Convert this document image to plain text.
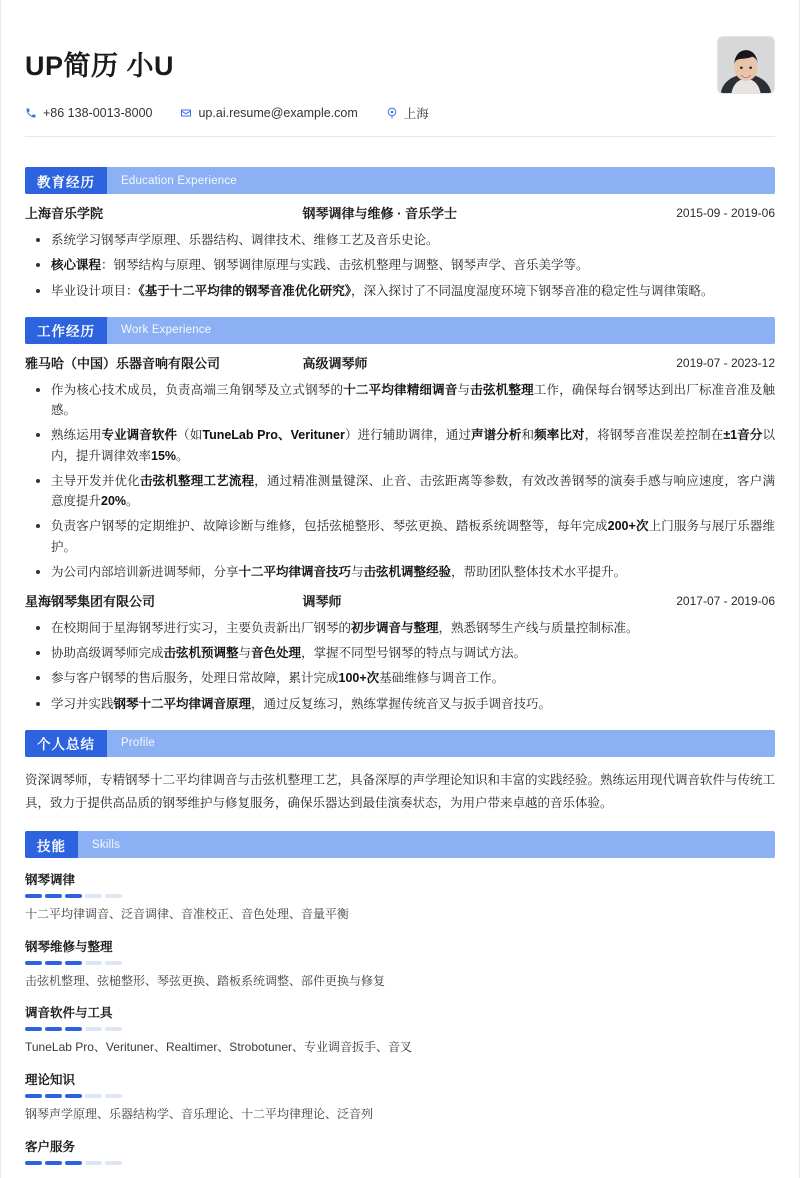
UP简历 小U
+86 138-0013-8000	up.ai.resume@example.com	上海
教育经历	Education Experience
上海音乐学院	钢琴调律与维修 · 音乐学士	2015-09 - 2019-06
系统学习钢琴声学原理、乐器结构、调律技术、维修工艺及音乐史论。
核心课程：钢琴结构与原理、钢琴调律原理与实践、击弦机整理与调整、钢琴声学、音乐美学等。
毕业设计项目：《基于十二平均律的钢琴音准优化研究》，深入探讨了不同温度湿度环境下钢琴音准的稳定性与调律策略。
工作经历	Work Experience
雅马哈（中国）乐器音响有限公司	高级调琴师	2019-07 - 2023-12
作为核心技术成员，负责高端三角钢琴及立式钢琴的十二平均律精细调音与击弦机整理工作，确保每台钢琴达到出厂标准音准及触感。
熟练运用专业调音软件（如TuneLab Pro、Verituner）进行辅助调律，通过声谱分析和频率比对，将钢琴音准误差控制在±1音分以内，提升调律效率15%。
主导开发并优化击弦机整理工艺流程，通过精准测量键深、止音、击弦距离等参数，有效改善钢琴的演奏手感与响应速度，客户满意度提升20%。
负责客户钢琴的定期维护、故障诊断与维修，包括弦槌整形、琴弦更换、踏板系统调整等，每年完成200+次上门服务与展厅乐器维护。
为公司内部培训新进调琴师，分享十二平均律调音技巧与击弦机调整经验，帮助团队整体技术水平提升。
星海钢琴集团有限公司	调琴师	2017-07 - 2019-06
在校期间于星海钢琴进行实习，主要负责新出厂钢琴的初步调音与整理，熟悉钢琴生产线与质量控制标准。
协助高级调琴师完成击弦机预调整与音色处理，掌握不同型号钢琴的特点与调试方法。
参与客户钢琴的售后服务，处理日常故障，累计完成100+次基础维修与调音工作。
学习并实践钢琴十二平均律调音原理，通过反复练习，熟练掌握传统音叉与扳手调音技巧。
个人总结	Profile
资深调琴师，专精钢琴十二平均律调音与击弦机整理工艺，具备深厚的声学理论知识和丰富的实践经验。熟练运用现代调音软件与传统工具，致力于提供高品质的钢琴维护与修复服务，确保乐器达到最佳演奏状态，为用户带来卓越的音乐体验。
技能	Skills
钢琴调律
十二平均律调音、泛音调律、音准校正、音色处理、音量平衡
钢琴维修与整理
击弦机整理、弦槌整形、琴弦更换、踏板系统调整、部件更换与修复
调音软件与工具
TuneLab Pro、Verituner、Realtimer、Strobotuner、专业调音扳手、音叉
理论知识
钢琴声学原理、乐器结构学、音乐理论、十二平均律理论、泛音列
客户服务
